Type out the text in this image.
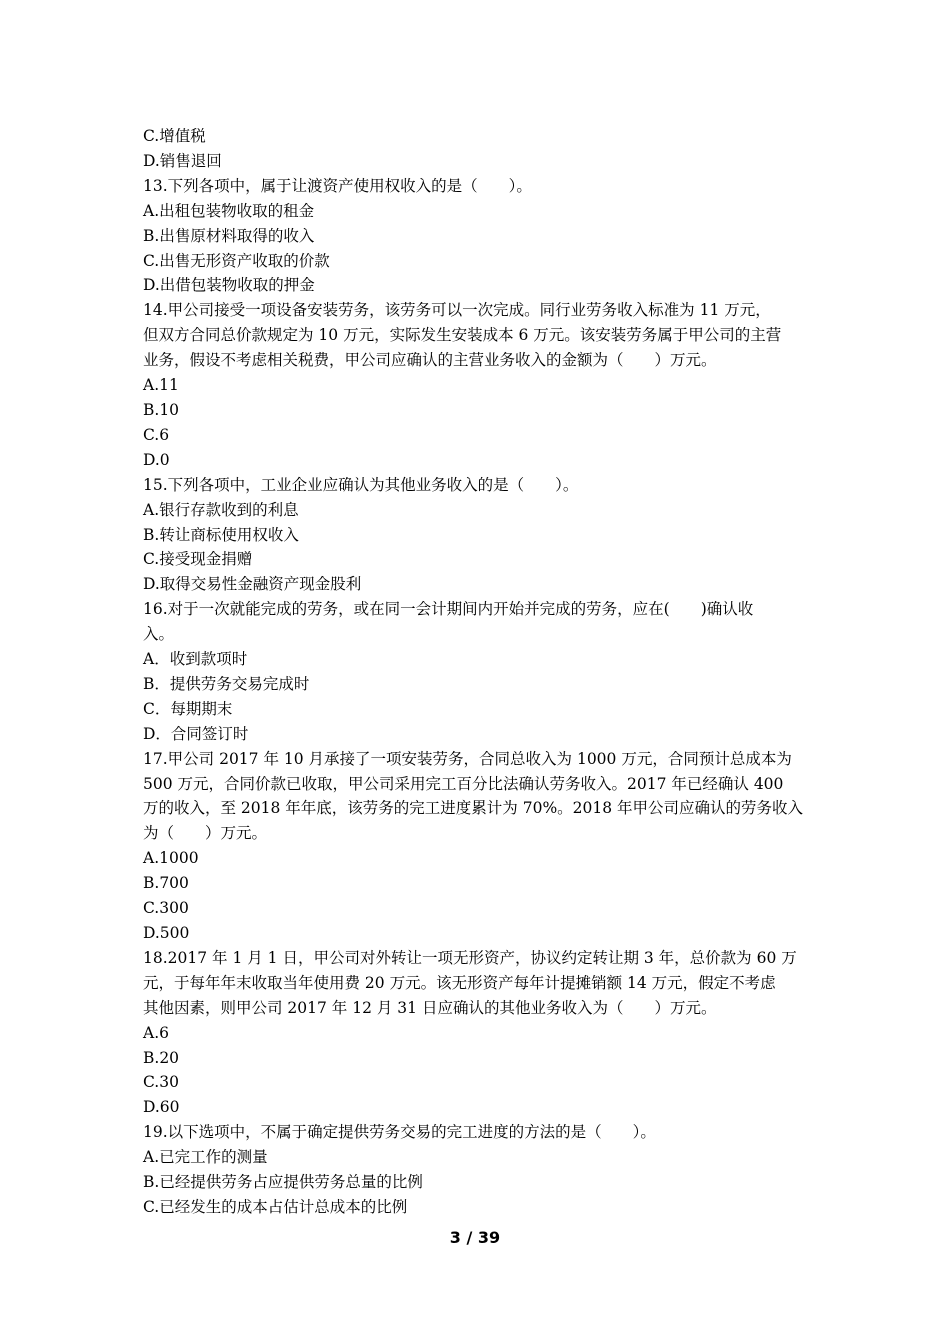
C.增值税
D.销售退回
13.下列各项中，属于让渡资产使用权收入的是（　　）。
A.出租包装物收取的租金
B.出售原材料取得的收入
C.出售无形资产收取的价款
D.出借包装物收取的押金
14.甲公司接受一项设备安装劳务，该劳务可以一次完成。同行业劳务收入标准为 11 万元，
但双方合同总价款规定为 10 万元，实际发生安装成本 6 万元。该安装劳务属于甲公司的主营
业务，假设不考虑相关税费，甲公司应确认的主营业务收入的金额为（　　）万元。
A.11
B.10
C.6
D.0
15.下列各项中，工业企业应确认为其他业务收入的是（　　）。
A.银行存款收到的利息
B.转让商标使用权收入
C.接受现金捐赠
D.取得交易性金融资产现金股利
16.对于一次就能完成的劳务，或在同一会计期间内开始并完成的劳务，应在(　　)确认收
入。
A．收到款项时
B．提供劳务交易完成时
C．每期期末
D．合同签订时
17.甲公司 2017 年 10 月承接了一项安装劳务，合同总收入为 1000 万元，合同预计总成本为
500 万元，合同价款已收取，甲公司采用完工百分比法确认劳务收入。2017 年已经确认 400
万的收入，至 2018 年年底，该劳务的完工进度累计为 70%。2018 年甲公司应确认的劳务收入
为（　　）万元。
A.1000
B.700
C.300
D.500
18.2017 年 1 月 1 日，甲公司对外转让一项无形资产，协议约定转让期 3 年，总价款为 60 万
元，于每年年末收取当年使用费 20 万元。该无形资产每年计提摊销额 14 万元，假定不考虑
其他因素，则甲公司 2017 年 12 月 31 日应确认的其他业务收入为（　　）万元。
A.6
B.20
C.30
D.60
19.以下选项中，不属于确定提供劳务交易的完工进度的方法的是（　　）。
A.已完工作的测量
B.已经提供劳务占应提供劳务总量的比例
C.已经发生的成本占估计总成本的比例
3 / 39
